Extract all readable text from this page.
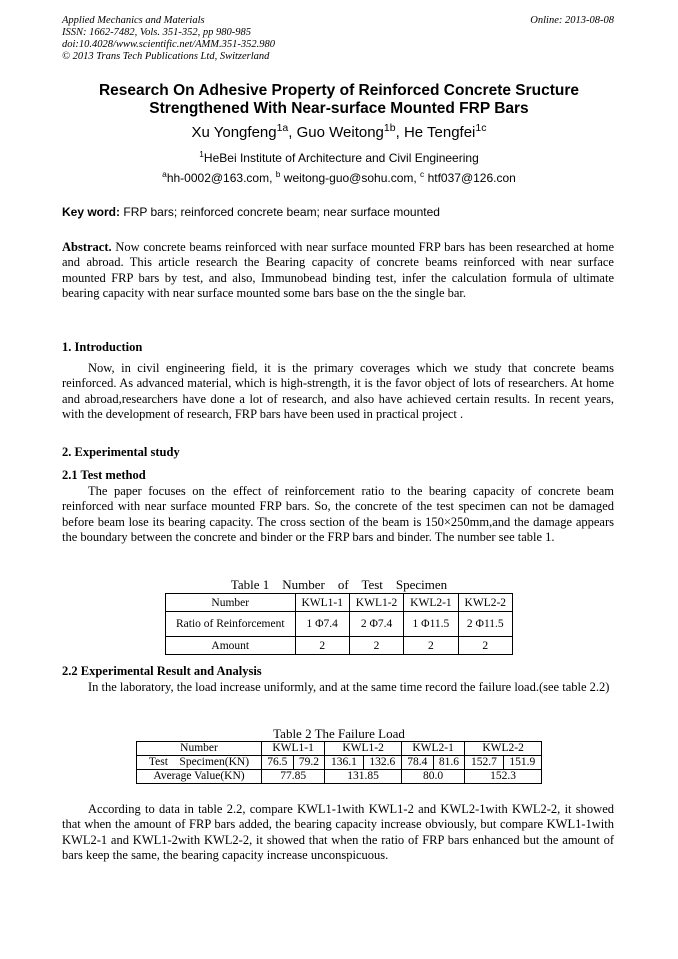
Applied Mechanics and Materials
ISSN: 1662-7482, Vols. 351-352, pp 980-985
doi:10.4028/www.scientific.net/AMM.351-352.980
© 2013 Trans Tech Publications Ltd, Switzerland
Online: 2013-08-08
Research On Adhesive Property of Reinforced Concrete Sructure
Strengthened With Near-surface Mounted FRP Bars
Xu Yongfeng$^{1a}$, Guo Weitong$^{1b}$, He Tengfei$^{1c}$
$^1$HeBei Institute of Architecture and Civil Engineering
$^a$hh-0002@163.com, $^b$ weitong-guo@sohu.com, $^c$ htf037@126.con
Key word: FRP bars; reinforced concrete beam; near surface mounted
Abstract. Now concrete beams reinforced with near surface mounted FRP bars has been researched at home and abroad. This article research the Bearing capacity of concrete beams reinforced with near surface mounted FRP bars by test, and also, Immunobead binding test, infer the calculation formula of ultimate bearing capacity with near surface mounted some bars base on the the single bar.
1. Introduction
Now, in civil engineering field, it is the primary coverages which we study that concrete beams reinforced. As advanced material, which is high-strength, it is the favor object of lots of researchers. At home and abroad,researchers have done a lot of research, and also have achieved certain results. In recent years, with the development of research, FRP bars have been used in practical project .
2. Experimental study
2.1 Test method
The paper focuses on the effect of reinforcement ratio to the bearing capacity of concrete beam reinforced with near surface mounted FRP bars. So, the concrete of the test specimen can not be damaged before beam lose its bearing capacity. The cross section of the beam is 150×250mm,and the damage appears the boundary between the concrete and binder or the FRP bars and binder. The number see table 1.
Table 1    Number    of    Test    Specimen
Number	KWL1-1	KWL1-2	KWL2-1	KWL2-2
Ratio of Reinforcement	1 Φ7.4	2 Φ7.4	1 Φ11.5	2 Φ11.5
Amount	2	2	2	2
2.2 Experimental Result and Analysis
In the laboratory, the load increase uniformly, and at the same time record the failure load.(see table 2.2)
Table 2 The Failure Load
Number	KWL1-1		KWL1-2		KWL2-1		KWL2-2	
Test    Specimen(KN)	76.5	79.2	136.1	132.6	78.4	81.6	152.7	151.9
Average Value(KN)	77.85		131.85		80.0		152.3	
According to data in table 2.2, compare KWL1-1with KWL1-2 and KWL2-1with KWL2-2, it showed that when the amount of FRP bars added, the bearing capacity increase obviously, but compare KWL1-1with KWL2-1 and KWL1-2with KWL2-2, it showed that when the ratio of FRP bars enhanced but the amount of bars keep the same, the bearing capacity increase unconspicuous.
